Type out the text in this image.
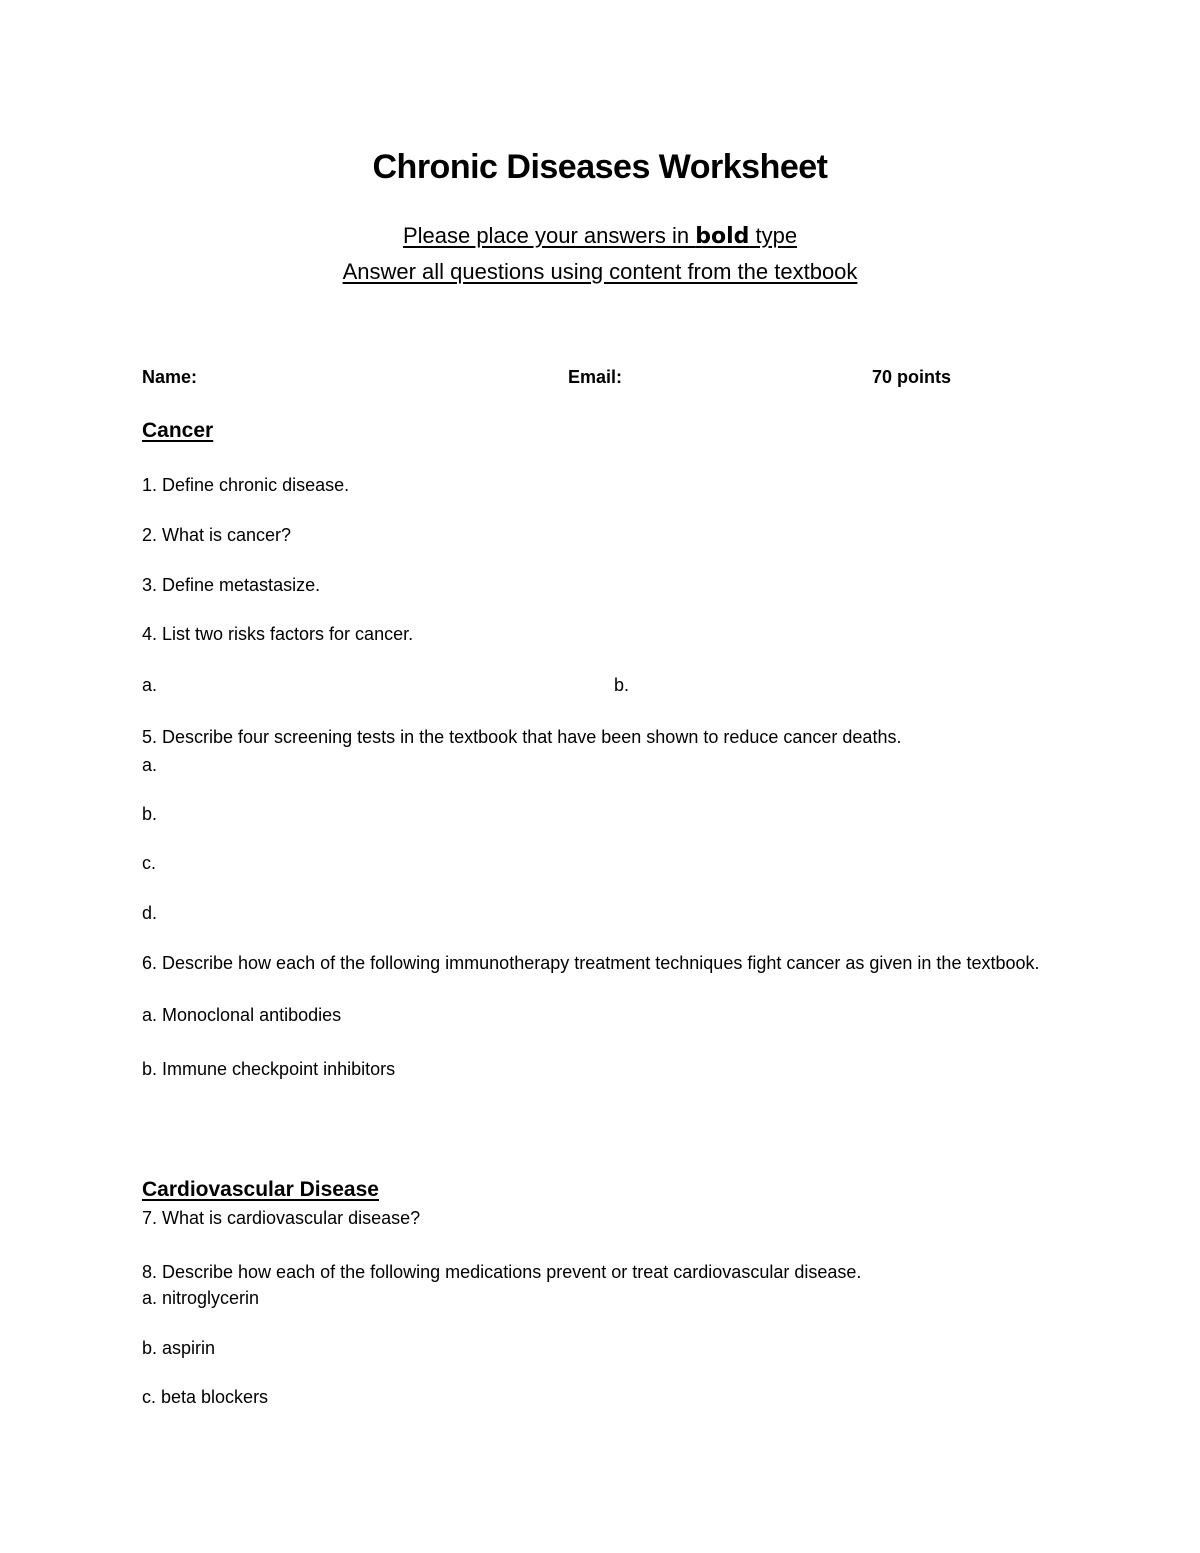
Chronic Diseases Worksheet
Please place your answers in bold type
Answer all questions using content from the textbook
Name:	Email:	70 points
Cancer
1. Define chronic disease.
2. What is cancer?
3. Define metastasize.
4. List two risks factors for cancer.
a.	b.
5. Describe four screening tests in the textbook that have been shown to reduce cancer deaths.
a.
b.
c.
d.
6. Describe how each of the following immunotherapy treatment techniques fight cancer as given in the textbook.
a. Monoclonal antibodies
b. Immune checkpoint inhibitors
Cardiovascular Disease
7. What is cardiovascular disease?
8. Describe how each of the following medications prevent or treat cardiovascular disease.
a. nitroglycerin
b. aspirin
c. beta blockers
